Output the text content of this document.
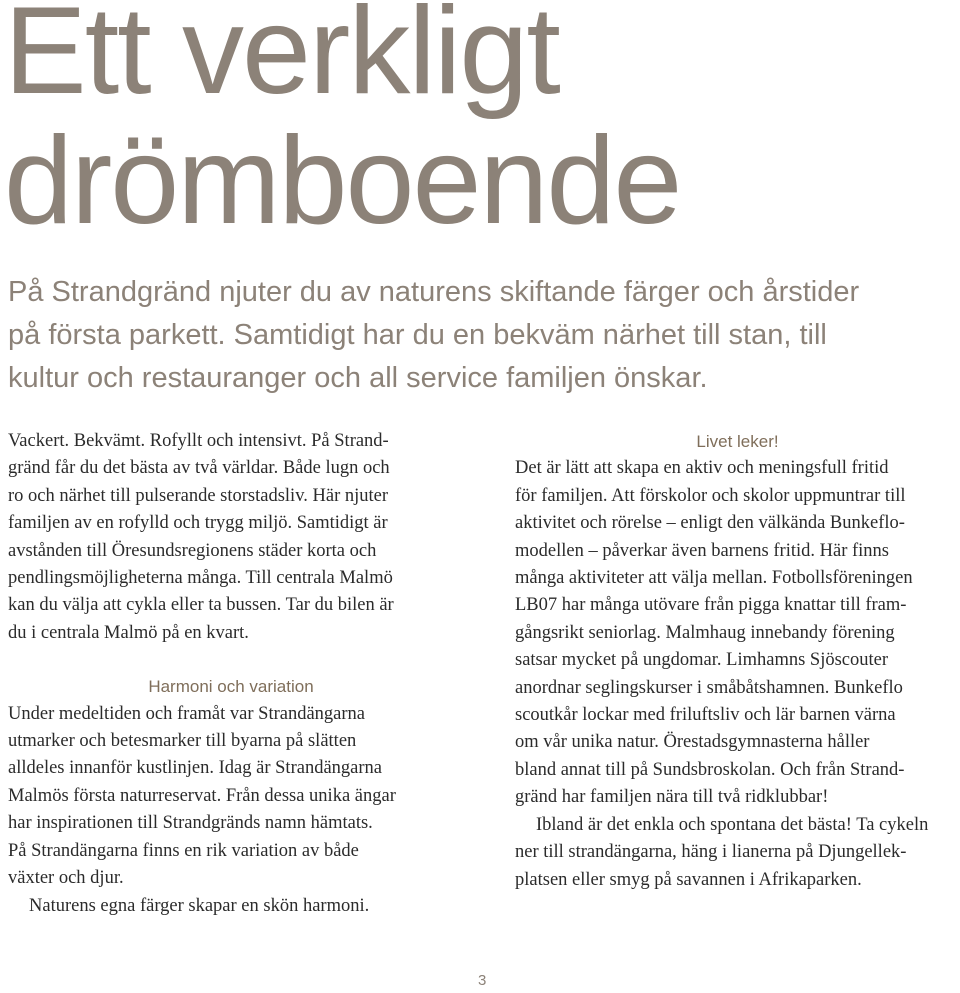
Ett verkligt
drömboende

På Strandgränd njuter du av naturens skiftande färger och årstider
på första parkett. Samtidigt har du en bekväm närhet till stan, till
kultur och restauranger och all service familjen önskar.

Vackert. Bekvämt. Rofyllt och intensivt. På Strand-
gränd får du det bästa av två världar. Både lugn och
ro och närhet till pulserande storstadsliv. Här njuter
familjen av en rofylld och trygg miljö. Samtidigt är
avstånden till Öresundsregionens städer korta och
pendlingsmöjligheterna många. Till centrala Malmö
kan du välja att cykla eller ta bussen. Tar du bilen är
du i centrala Malmö på en kvart.

Harmoni och variation

Under medeltiden och framåt var Strandängarna
utmarker och betesmarker till byarna på slätten
alldeles innanför kustlinjen. Idag är Strandängarna
Malmös första naturreservat. Från dessa unika ängar
har inspirationen till Strandgränds namn hämtats.
På Strandängarna finns en rik variation av både
växter och djur.

Naturens egna färger skapar en skön harmoni.

Livet leker!

Det är lätt att skapa en aktiv och meningsfull fritid
för familjen. Att förskolor och skolor uppmuntrar till
aktivitet och rörelse – enligt den välkända Bunkeflo-
modellen – påverkar även barnens fritid. Här finns
många aktiviteter att välja mellan. Fotbollsföreningen
LB07 har många utövare från pigga knattar till fram-
gångsrikt seniorlag. Malmhaug innebandy förening
satsar mycket på ungdomar. Limhamns Sjöscouter
anordnar seglingskurser i småbåtshamnen. Bunkeflo
scoutkår lockar med friluftsliv och lär barnen värna
om vår unika natur. Örestadsgymnasterna håller
bland annat till på Sundsbroskolan. Och från Strand-
gränd har familjen nära till två ridklubbar!

Ibland är det enkla och spontana det bästa! Ta cykeln
ner till strandängarna, häng i lianerna på Djungellek-
platsen eller smyg på savannen i Afrikaparken.

3
